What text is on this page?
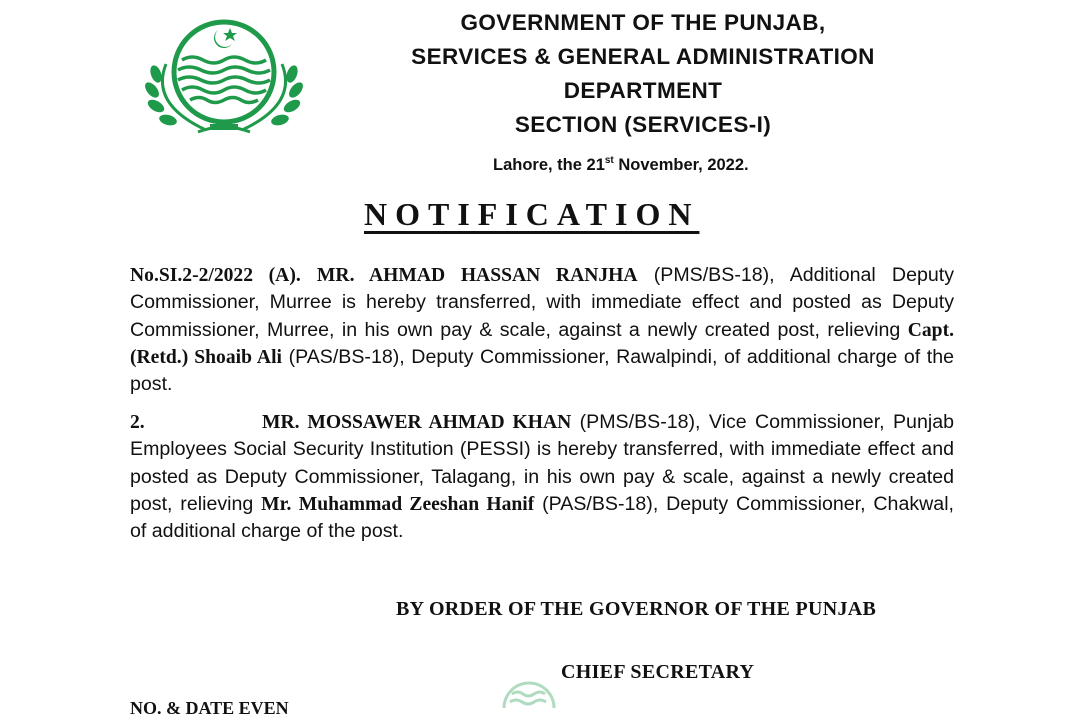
GOVERNMENT OF THE PUNJAB,
SERVICES & GENERAL ADMINISTRATION
DEPARTMENT
SECTION (SERVICES-I)
Lahore, the 21st November, 2022.
NOTIFICATION
No.SI.2-2/2022 (A). MR. AHMAD HASSAN RANJHA (PMS/BS-18), Additional Deputy Commissioner, Murree is hereby transferred, with immediate effect and posted as Deputy Commissioner, Murree, in his own pay & scale, against a newly created post, relieving Capt. (Retd.) Shoaib Ali (PAS/BS-18), Deputy Commissioner, Rawalpindi, of additional charge of the post.
2.	MR. MOSSAWER AHMAD KHAN (PMS/BS-18), Vice Commissioner, Punjab Employees Social Security Institution (PESSI) is hereby transferred, with immediate effect and posted as Deputy Commissioner, Talagang, in his own pay & scale, against a newly created post, relieving Mr. Muhammad Zeeshan Hanif (PAS/BS-18), Deputy Commissioner, Chakwal, of additional charge of the post.
BY ORDER OF THE GOVERNOR OF THE PUNJAB
CHIEF SECRETARY
NO. & DATE EVEN
